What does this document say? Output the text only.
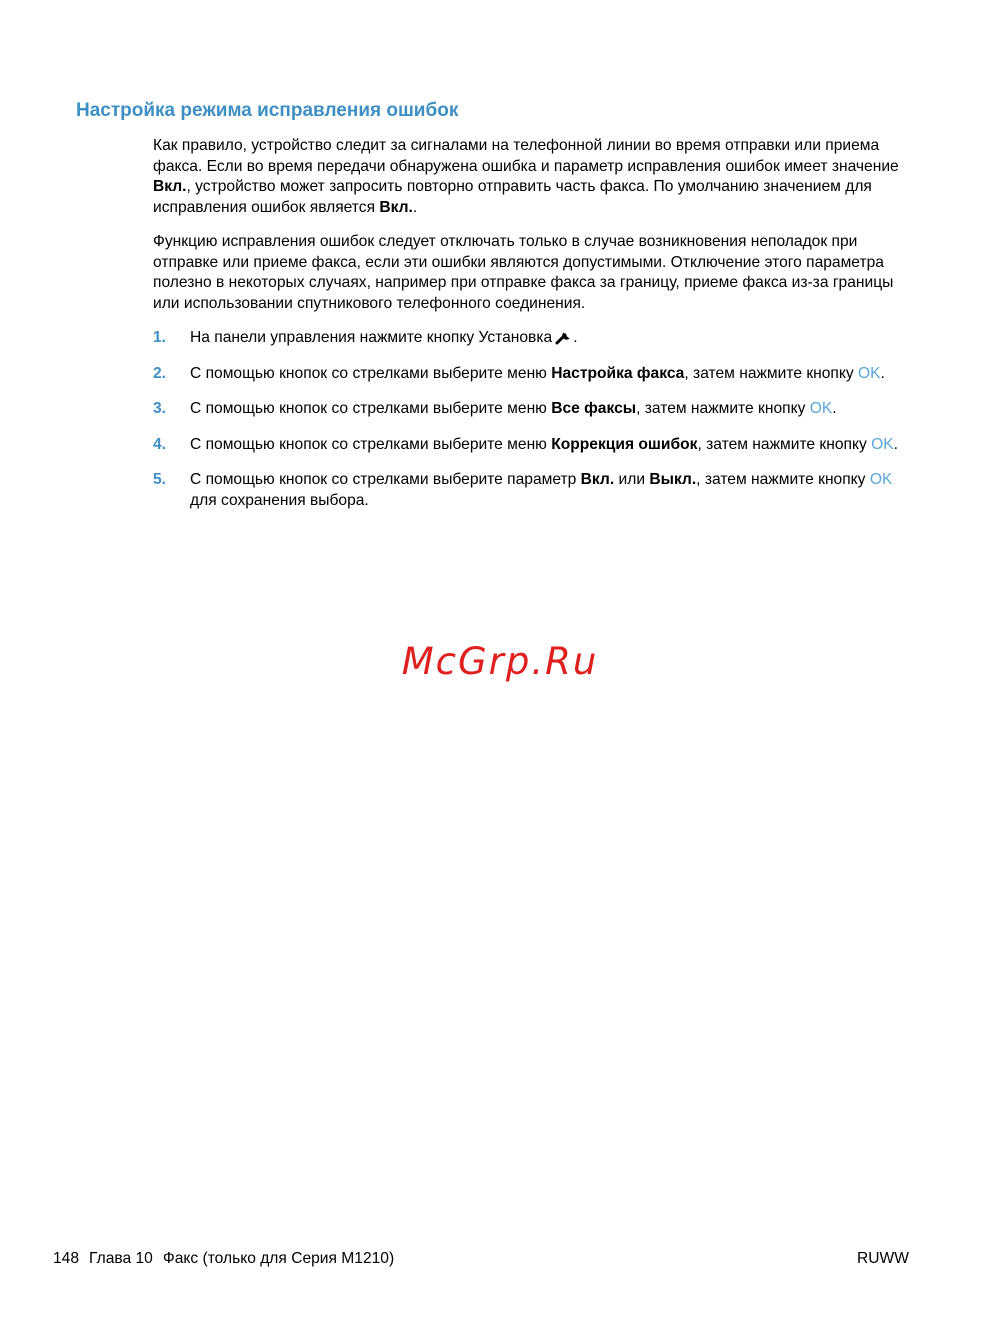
Настройка режима исправления ошибок

Как правило, устройство следит за сигналами на телефонной линии во время отправки или приема факса. Если во время передачи обнаружена ошибка и параметр исправления ошибок имеет значение Вкл., устройство может запросить повторно отправить часть факса. По умолчанию значением для исправления ошибок является Вкл..

Функцию исправления ошибок следует отключать только в случае возникновения неполадок при отправке или приеме факса, если эти ошибки являются допустимыми. Отключение этого параметра полезно в некоторых случаях, например при отправке факса за границу, приеме факса из-за границы или использовании спутникового телефонного соединения.

1. На панели управления нажмите кнопку Установка .
2. С помощью кнопок со стрелками выберите меню Настройка факса, затем нажмите кнопку OK.
3. С помощью кнопок со стрелками выберите меню Все факсы, затем нажмите кнопку OK.
4. С помощью кнопок со стрелками выберите меню Коррекция ошибок, затем нажмите кнопку OK.
5. С помощью кнопок со стрелками выберите параметр Вкл. или Выкл., затем нажмите кнопку OK для сохранения выбора.
McGrp.Ru
148 Глава 10 Факс (только для Серия M1210)	RUWW
